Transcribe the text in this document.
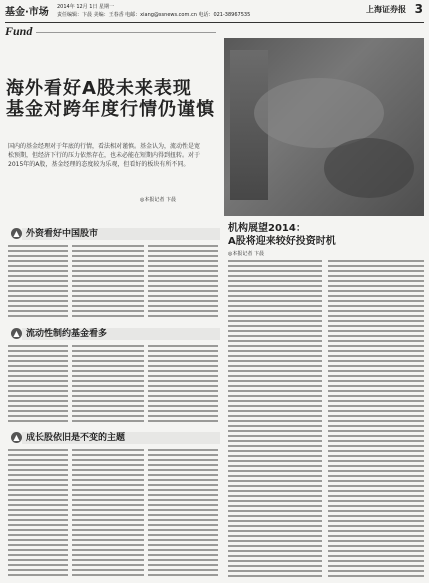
基金·市场 2014年 12月 1日 星期一
责任编辑：卞晨 美编：王春香 电邮：xiang@ssnews.com.cn 电话：021-38967535
上海证券报 3
Fund
海外看好A股未来表现
基金对跨年度行情仍谨慎
国内的基金经理对于年底的行情，看法相对谨慎。基金认为，流动性是宽松预期，但经济下行的压力依然存在，也未必能在短期内得到扭转。对于2015年的A股，基金经理的态度较为乐观，但看好的板块有所不同。
◎本报记者 卞晨
▲ 外资看好中国股市
▲ 流动性制约基金看多
▲ 成长股依旧是不变的主题
机构展望2014：
A股将迎来较好投资时机
◎本报记者 卞晨
